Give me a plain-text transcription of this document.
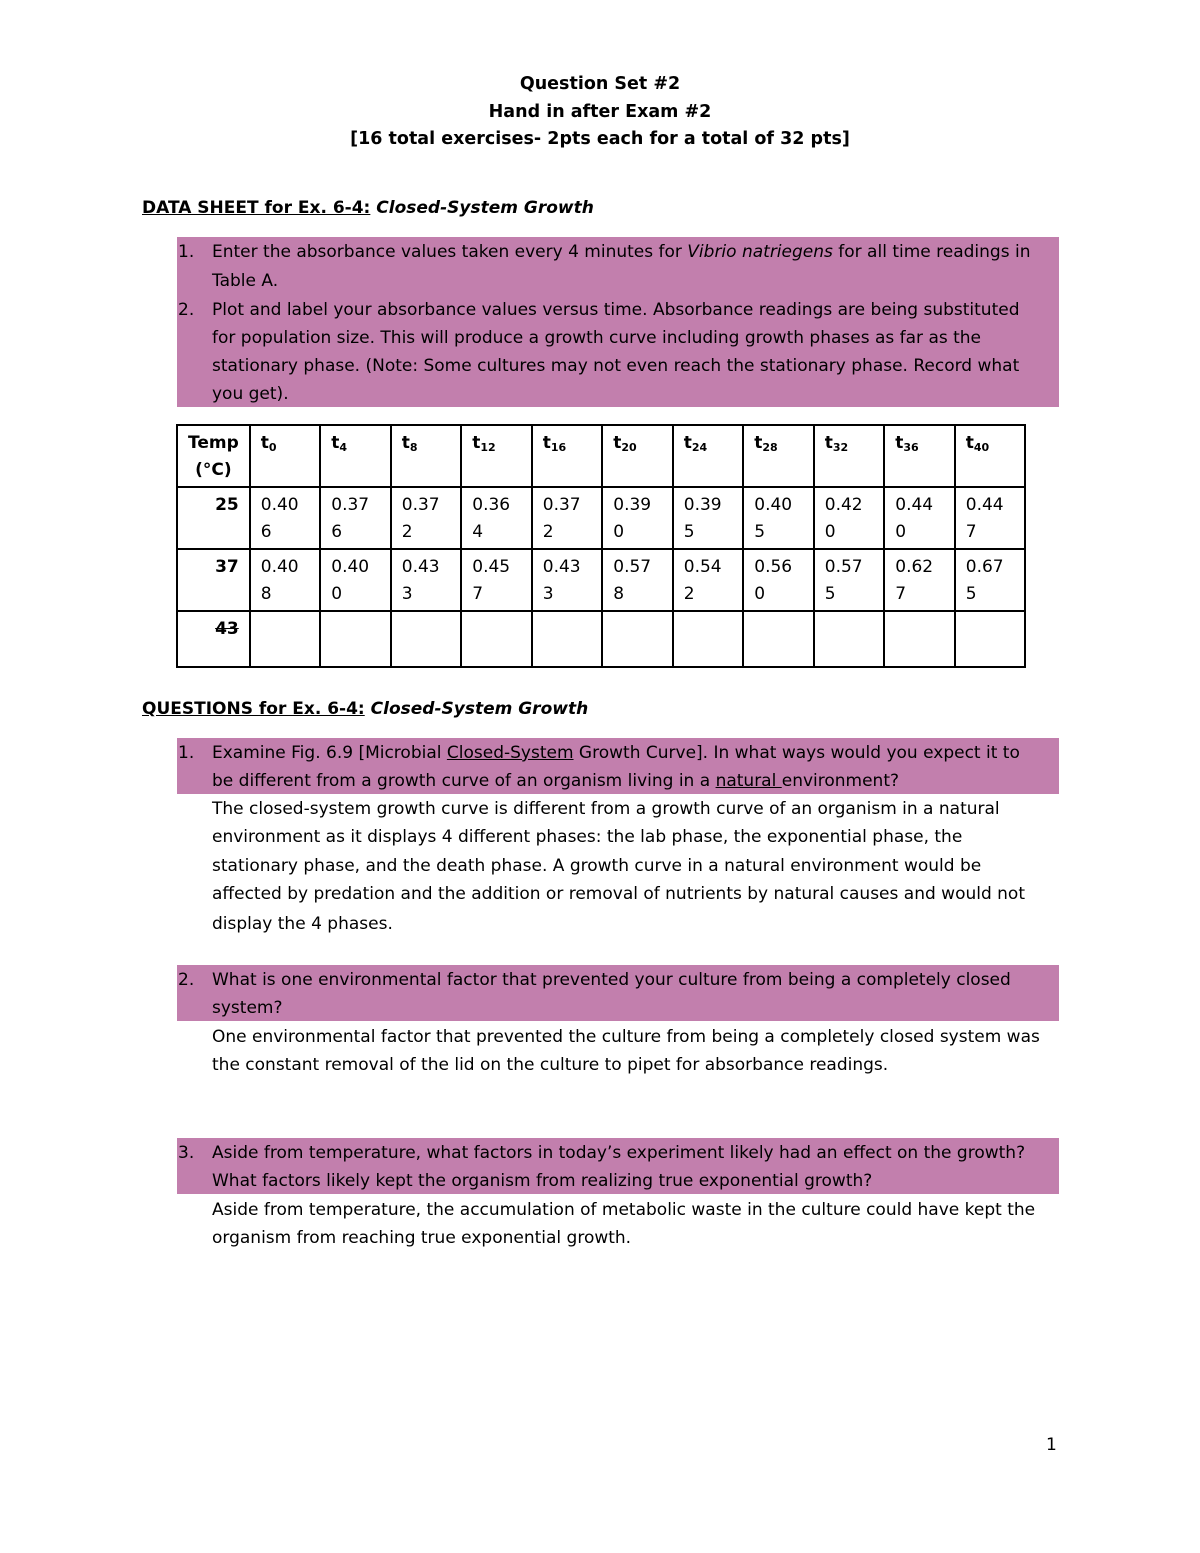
Question Set #2
Hand in after Exam #2
[16 total exercises- 2pts each for a total of 32 pts]
DATA SHEET for Ex. 6-4: Closed-System Growth
1. Enter the absorbance values taken every 4 minutes for Vibrio natriegens for all time readings in
Table A.
2. Plot and label your absorbance values versus time. Absorbance readings are being substituted
for population size. This will produce a growth curve including growth phases as far as the
stationary phase. (Note: Some cultures may not even reach the stationary phase. Record what
you get).
Temp
(°C)	$t_0$	$t_4$	$t_8$	$t_{12}$	$t_{16}$	$t_{20}$	$t_{24}$	$t_{28}$	$t_{32}$	$t_{36}$	$t_{40}$
25	0.406	0.376	0.372	0.364	0.372	0.390	0.395	0.405	0.420	0.440	0.447

37	0.408	0.400	0.433	0.457	0.433	0.578	0.542	0.560	0.575	0.627	0.675

43	

QUESTIONS for Ex. 6-4: Closed-System Growth
1. Examine Fig. 6.9 [Microbial Closed-System Growth Curve]. In what ways would you expect it to
be different from a growth curve of an organism living in a natural environment?
The closed-system growth curve is different from a growth curve of an organism in a natural
environment as it displays 4 different phases: the lab phase, the exponential phase, the
stationary phase, and the death phase. A growth curve in a natural environment would be
affected by predation and the addition or removal of nutrients by natural causes and would not
display the 4 phases.
2. What is one environmental factor that prevented your culture from being a completely closed
system?
One environmental factor that prevented the culture from being a completely closed system was
the constant removal of the lid on the culture to pipet for absorbance readings.
3. Aside from temperature, what factors in today’s experiment likely had an effect on the growth?
What factors likely kept the organism from realizing true exponential growth?
Aside from temperature, the accumulation of metabolic waste in the culture could have kept the
organism from reaching true exponential growth.
1
